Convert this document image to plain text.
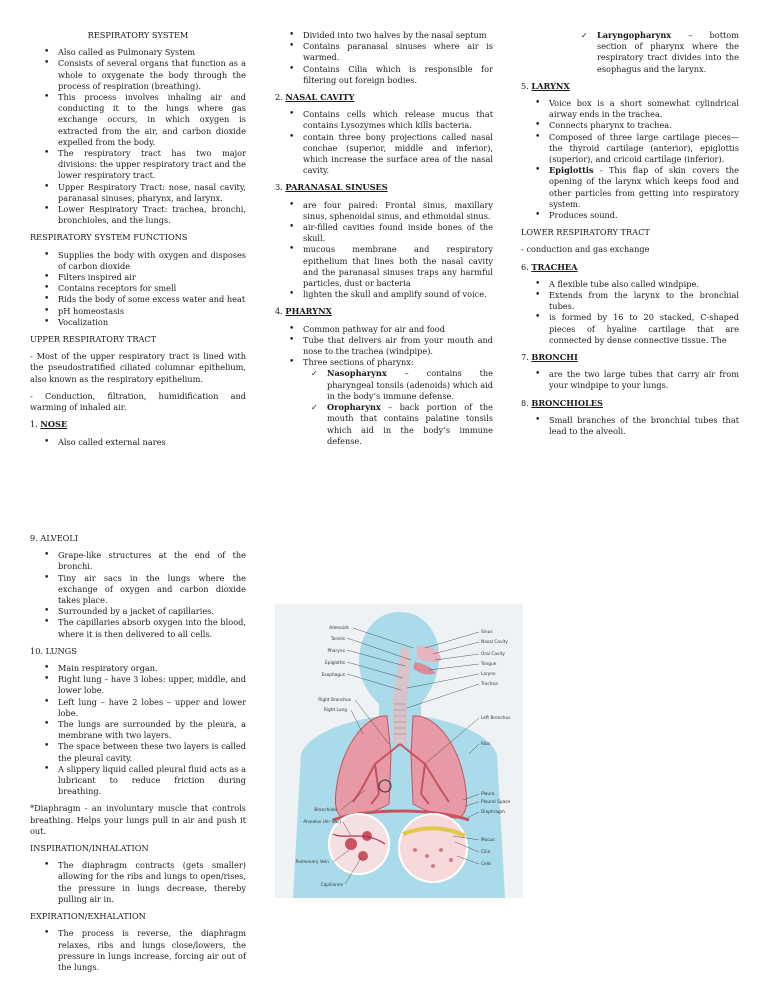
RESPIRATORY SYSTEM

• Also called as Pulmonary System
• Consists of several organs that function as a whole to oxygenate the body through the process of respiration (breathing).
• This process involves inhaling air and conducting it to the lungs where gas exchange occurs, in which oxygen is extracted from the air, and carbon dioxide expelled from the body.
• The respiratory tract has two major divisions: the upper respiratory tract and the lower respiratory tract.
• Upper Respiratory Tract: nose, nasal cavity, paranasal sinuses, pharynx, and larynx.
• Lower Respiratory Tract: trachea, bronchi, bronchioles, and the lungs.

RESPIRATORY SYSTEM FUNCTIONS

• Supplies the body with oxygen and disposes of carbon dioxide
• Filters inspired air
• Contains receptors for smell
• Rids the body of some excess water and heat
• pH homeostasis
• Vocalization

UPPER RESPIRATORY TRACT

- Most of the upper respiratory tract is lined with the pseudostratified ciliated columnar epithelium, also known as the respiratory epithelium.

- Conduction, filtration, humidification and warming of inhaled air.

1. NOSE

• Also called external nares
• Divided into two halves by the nasal septum
• Contains paranasal sinuses where air is warmed.
• Contains Cilia which is responsible for filtering out foreign bodies.

2. NASAL CAVITY

• Contains cells which release mucus that contains Lysozymes which kills bacteria.
• contain three bony projections called nasal conchae (superior, middle and inferior), which increase the surface area of the nasal cavity.

3. PARANASAL SINUSES

• are four paired: Frontal sinus, maxillary sinus, sphenoidal sinus, and ethmoidal sinus.
• air-filled cavities found inside bones of the skull.
• mucous membrane and respiratory epithelium that lines both the nasal cavity and the paranasal sinuses traps any harmful particles, dust or bacteria
• lighten the skull and amplify sound of voice.

4. PHARYNX

• Common pathway for air and food
• Tube that delivers air from your mouth and nose to the trachea (windpipe).
• Three sections of pharynx:
✓ Nasopharynx – contains the pharyngeal tonsils (adenoids) which aid in the body’s immune defense.
✓ Oropharynx – back portion of the mouth that contains palatine tonsils which aid in the body’s immune defense.
✓ Laryngopharynx – bottom section of pharynx where the respiratory tract divides into the esophagus and the larynx.

5. LARYNX

• Voice box is a short somewhat cylindrical airway ends in the trachea.
• Connects pharynx to trachea.
• Composed of three large cartilage pieces—the thyroid cartilage (anterior), epiglottis (superior), and cricoid cartilage (inferior).
• Epiglottis - This flap of skin covers the opening of the larynx which keeps food and other particles from getting into respiratory system.
• Produces sound.

LOWER RESPIRATORY TRACT

- conduction and gas exchange

6. TRACHEA

• A flexible tube also called windpipe.
• Extends from the larynx to the bronchial tubes.
• is formed by 16 to 20 stacked, C-shaped pieces of hyaline cartilage that are connected by dense connective tissue. The

7. BRONCHI

• are the two large tubes that carry air from your windpipe to your lungs.

8. BRONCHIOLES

• Small branches of the bronchial tubes that lead to the alveoli.

9. ALVEOLI

• Grape-like structures at the end of the bronchi.
• Tiny air sacs in the lungs where the exchange of oxygen and carbon dioxide takes place.
• Surrounded by a jacket of capillaries.
• The capillaries absorb oxygen into the blood, where it is then delivered to all cells.

10. LUNGS

• Main respiratory organ.
• Right lung – have 3 lobes: upper, middle, and lower lobe.
• Left lung – have 2 lobes – upper and lower lobe.
• The lungs are surrounded by the pleura, a membrane with two layers.
• The space between these two layers is called the pleural cavity.
• A slippery liquid called pleural fluid acts as a lubricant to reduce friction during breathing.

*Diaphragm - an involuntary muscle that controls breathing. Helps your lungs pull in air and push it out.

INSPIRATION/INHALATION

• The diaphragm contracts (gets smaller) allowing for the ribs and lungs to open/rises, the pressure in lungs decrease, thereby pulling air in.

EXPIRATION/EXHALATION

• The process is reverse, the diaphragm relaxes, ribs and lungs close/lowers, the pressure in lungs increase, forcing air out of the lungs.
Adenoids
Tonsils
Pharynx
Epiglottis
Esophagus
Right Bronchus
Right Lung
Bronchiole
Alveolus (Air Sac)
Pulmonary Vein
Capillaries
Sinus
Nasal Cavity
Oral Cavity
Tongue
Larynx
Trachea
Left Bronchus
Ribs
Pleura
Pleural Space
Diaphragm
Mucus
Cilia
Cells
